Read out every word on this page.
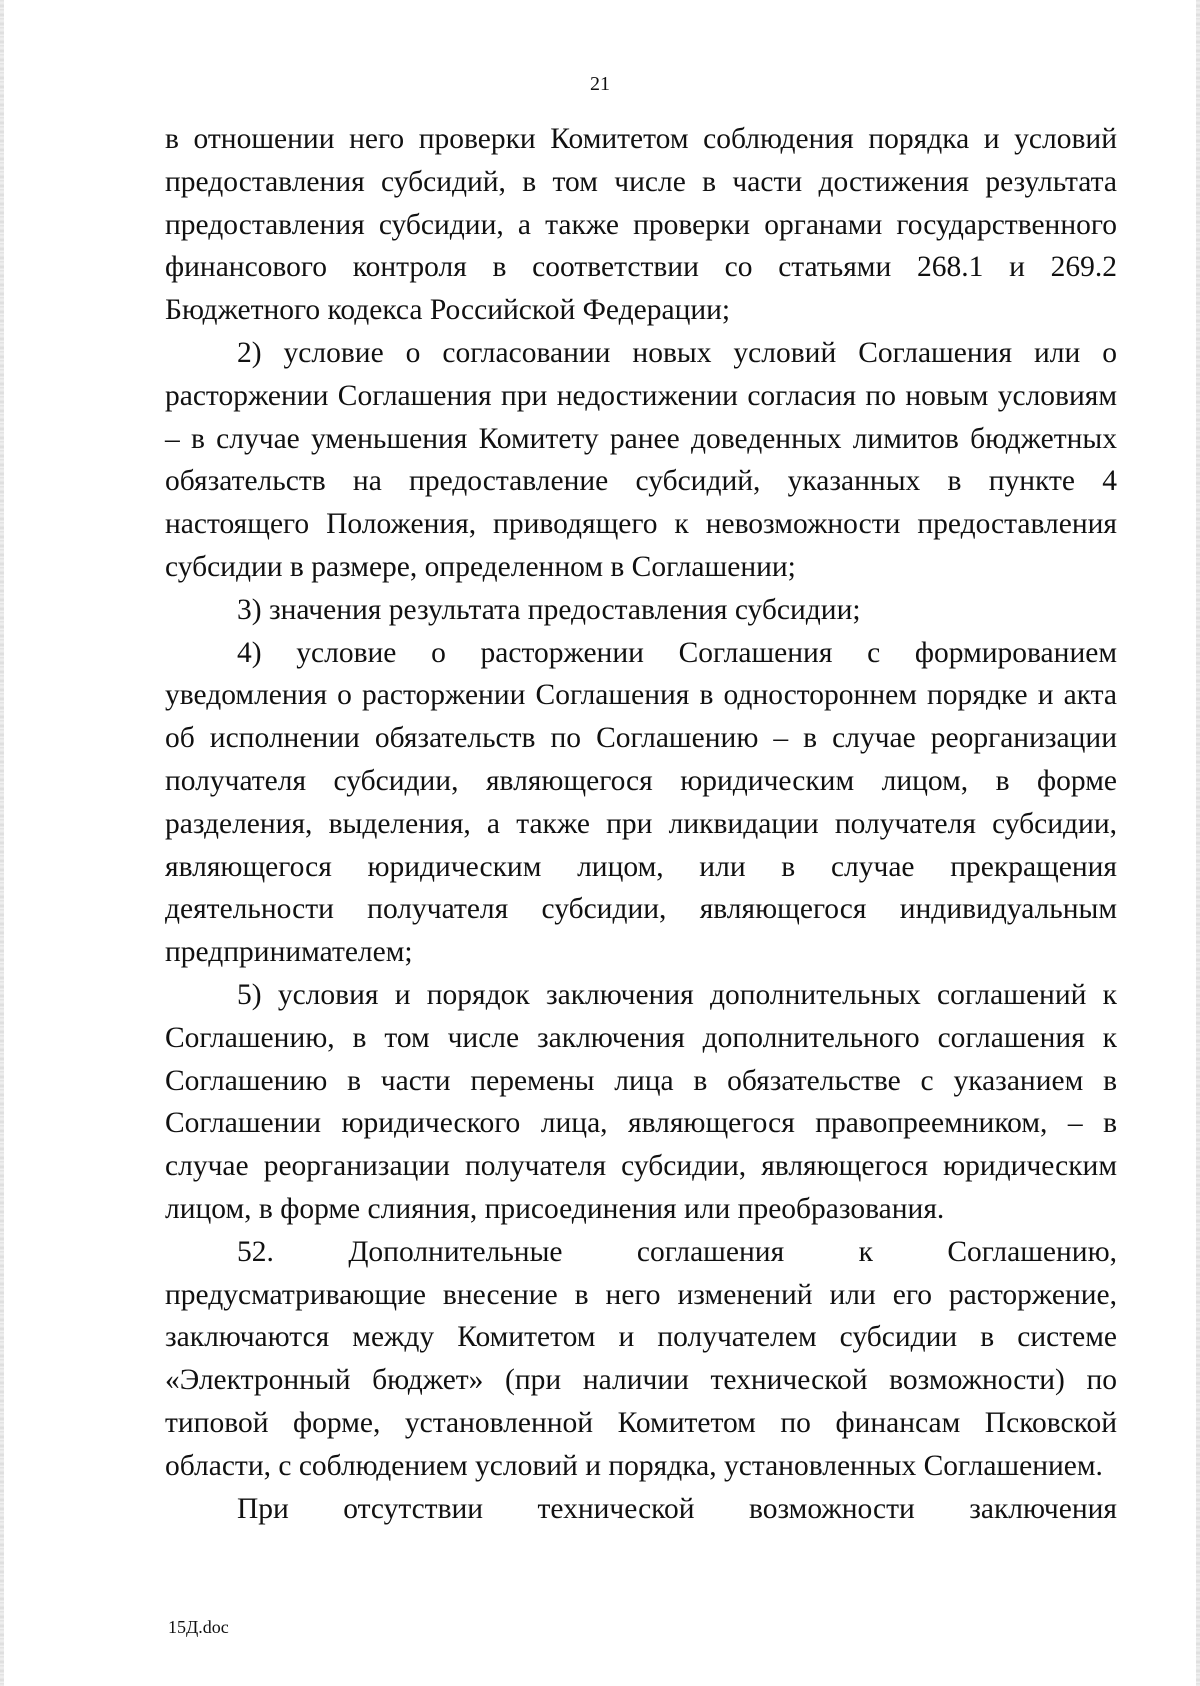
21

в отношении него проверки Комитетом соблюдения порядка и условий предоставления субсидий, в том числе в части достижения результата предоставления субсидии, а также проверки органами государственного финансового контроля в соответствии со статьями 268.1 и 269.2 Бюджетного кодекса Российской Федерации;

2) условие о согласовании новых условий Соглашения или о расторжении Соглашения при недостижении согласия по новым условиям – в случае уменьшения Комитету ранее доведенных лимитов бюджетных обязательств на предоставление субсидий, указанных в пункте 4 настоящего Положения, приводящего к невозможности предоставления субсидии в размере, определенном в Соглашении;

3) значения результата предоставления субсидии;

4) условие о расторжении Соглашения с формированием уведомления о расторжении Соглашения в одностороннем порядке и акта об исполнении обязательств по Соглашению – в случае реорганизации получателя субсидии, являющегося юридическим лицом, в форме разделения, выделения, а также при ликвидации получателя субсидии, являющегося юридическим лицом, или в случае прекращения деятельности получателя субсидии, являющегося индивидуальным предпринимателем;

5) условия и порядок заключения дополнительных соглашений к Соглашению, в том числе заключения дополнительного соглашения к Соглашению в части перемены лица в обязательстве с указанием в Соглашении юридического лица, являющегося правопреемником, – в случае реорганизации получателя субсидии, являющегося юридическим лицом, в форме слияния, присоединения или преобразования.

52. Дополнительные соглашения к Соглашению, предусматривающие внесение в него изменений или его расторжение, заключаются между Комитетом и получателем субсидии в системе «Электронный бюджет» (при наличии технической возможности) по типовой форме, установленной Комитетом по финансам Псковской области, с соблюдением условий и порядка, установленных Соглашением.

При отсутствии технической возможности заключения

15Д.doc
